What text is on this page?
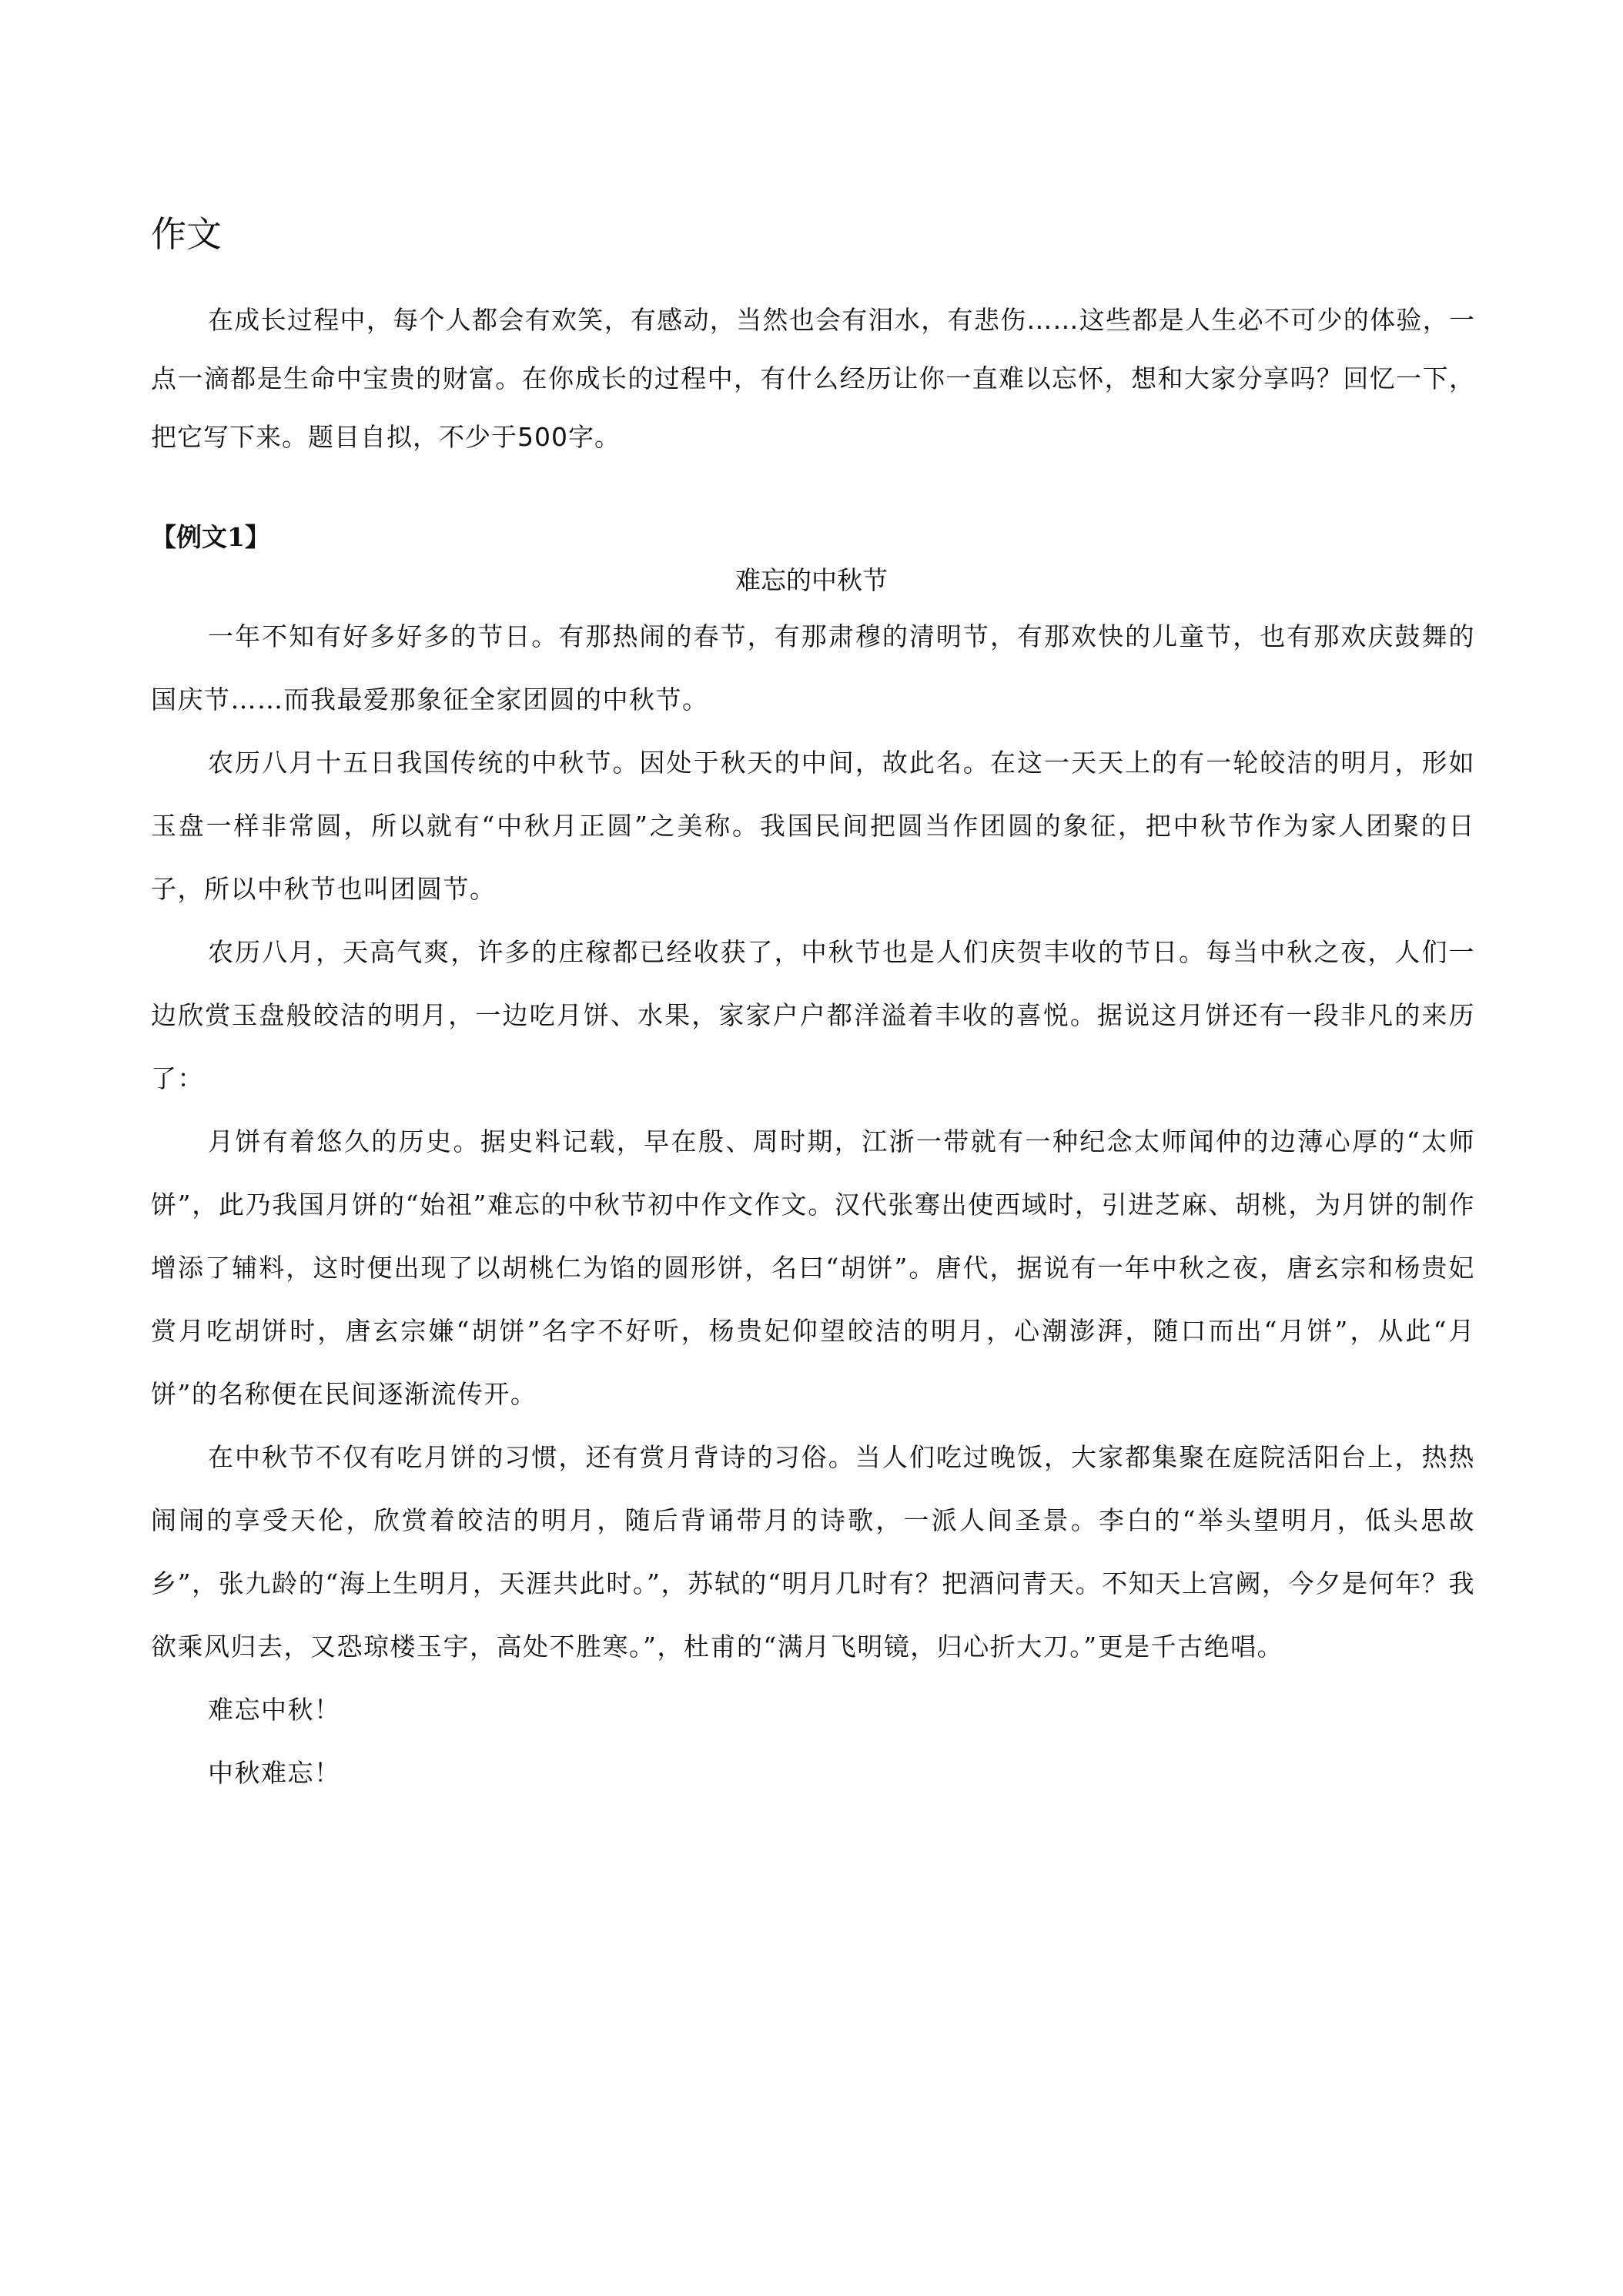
作文

在成长过程中，每个人都会有欢笑，有感动，当然也会有泪水，有悲伤……这些都是人生必不可少的体验，一点一滴都是生命中宝贵的财富。在你成长的过程中，有什么经历让你一直难以忘怀，想和大家分享吗？回忆一下，把它写下来。题目自拟，不少于500字。

【例文1】

难忘的中秋节

一年不知有好多好多的节日。有那热闹的春节，有那肃穆的清明节，有那欢快的儿童节，也有那欢庆鼓舞的国庆节……而我最爱那象征全家团圆的中秋节。

农历八月十五日我国传统的中秋节。因处于秋天的中间，故此名。在这一天天上的有一轮皎洁的明月，形如玉盘一样非常圆，所以就有“中秋月正圆”之美称。我国民间把圆当作团圆的象征，把中秋节作为家人团聚的日子，所以中秋节也叫团圆节。

农历八月，天高气爽，许多的庄稼都已经收获了，中秋节也是人们庆贺丰收的节日。每当中秋之夜，人们一边欣赏玉盘般皎洁的明月，一边吃月饼、水果，家家户户都洋溢着丰收的喜悦。据说这月饼还有一段非凡的来历了：

月饼有着悠久的历史。据史料记载，早在殷、周时期，江浙一带就有一种纪念太师闻仲的边薄心厚的“太师饼”，此乃我国月饼的“始祖”难忘的中秋节初中作文作文。汉代张骞出使西域时，引进芝麻、胡桃，为月饼的制作增添了辅料，这时便出现了以胡桃仁为馅的圆形饼，名曰“胡饼”。唐代，据说有一年中秋之夜，唐玄宗和杨贵妃赏月吃胡饼时，唐玄宗嫌“胡饼”名字不好听，杨贵妃仰望皎洁的明月，心潮澎湃，随口而出“月饼”，从此“月饼”的名称便在民间逐渐流传开。

在中秋节不仅有吃月饼的习惯，还有赏月背诗的习俗。当人们吃过晚饭，大家都集聚在庭院活阳台上，热热闹闹的享受天伦，欣赏着皎洁的明月，随后背诵带月的诗歌，一派人间圣景。李白的“举头望明月，低头思故乡”，张九龄的“海上生明月，天涯共此时。”，苏轼的“明月几时有？把酒问青天。不知天上宫阙，今夕是何年？我欲乘风归去，又恐琼楼玉宇，高处不胜寒。”，杜甫的“满月飞明镜，归心折大刀。”更是千古绝唱。

难忘中秋！

中秋难忘！
